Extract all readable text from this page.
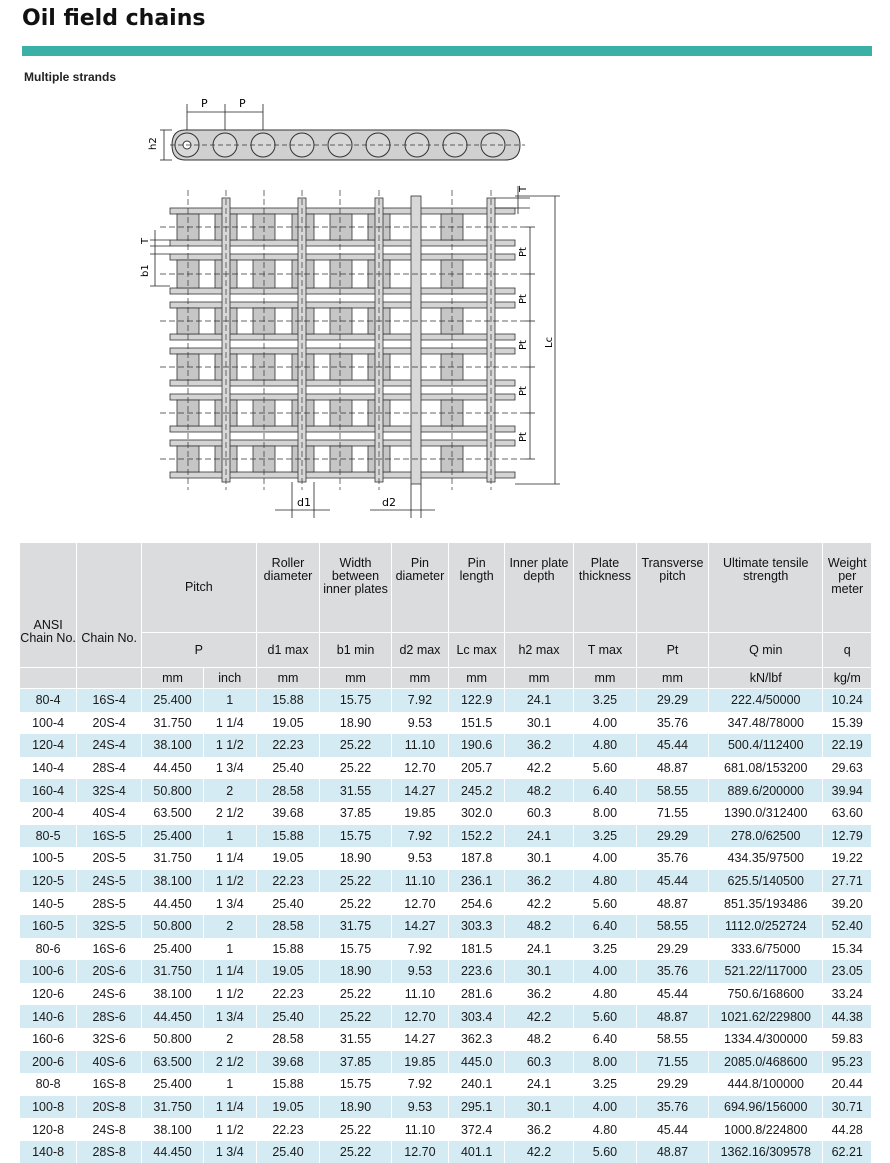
Oil field chains
Multiple strands
P	P
h2
T
Pt
Pt
Pt
Pt
Pt
Lc
T
b1
d1	d2
ANSI Chain No.	Chain No.	Pitch		Roller diameter	Width between inner plates	Pin diameter	Pin length	Inner plate depth	Plate thickness	Transverse pitch	Ultimate tensile strength	Weight per meter
		P		d1 max	b1 min	d2 max	Lc max	h2 max	T max	Pt	Q min	q
		mm	inch	mm	mm	mm	mm	mm	mm	mm	kN/lbf	kg/m
80-4	16S-4	25.400	1	15.88	15.75	7.92	122.9	24.1	3.25	29.29	222.4/50000	10.24
100-4	20S-4	31.750	1 1/4	19.05	18.90	9.53	151.5	30.1	4.00	35.76	347.48/78000	15.39
120-4	24S-4	38.100	1 1/2	22.23	25.22	11.10	190.6	36.2	4.80	45.44	500.4/112400	22.19
140-4	28S-4	44.450	1 3/4	25.40	25.22	12.70	205.7	42.2	5.60	48.87	681.08/153200	29.63
160-4	32S-4	50.800	2	28.58	31.55	14.27	245.2	48.2	6.40	58.55	889.6/200000	39.94
200-4	40S-4	63.500	2 1/2	39.68	37.85	19.85	302.0	60.3	8.00	71.55	1390.0/312400	63.60
80-5	16S-5	25.400	1	15.88	15.75	7.92	152.2	24.1	3.25	29.29	278.0/62500	12.79
100-5	20S-5	31.750	1 1/4	19.05	18.90	9.53	187.8	30.1	4.00	35.76	434.35/97500	19.22
120-5	24S-5	38.100	1 1/2	22.23	25.22	11.10	236.1	36.2	4.80	45.44	625.5/140500	27.71
140-5	28S-5	44.450	1 3/4	25.40	25.22	12.70	254.6	42.2	5.60	48.87	851.35/193486	39.20
160-5	32S-5	50.800	2	28.58	31.75	14.27	303.3	48.2	6.40	58.55	1112.0/252724	52.40
80-6	16S-6	25.400	1	15.88	15.75	7.92	181.5	24.1	3.25	29.29	333.6/75000	15.34
100-6	20S-6	31.750	1 1/4	19.05	18.90	9.53	223.6	30.1	4.00	35.76	521.22/117000	23.05
120-6	24S-6	38.100	1 1/2	22.23	25.22	11.10	281.6	36.2	4.80	45.44	750.6/168600	33.24
140-6	28S-6	44.450	1 3/4	25.40	25.22	12.70	303.4	42.2	5.60	48.87	1021.62/229800	44.38
160-6	32S-6	50.800	2	28.58	31.55	14.27	362.3	48.2	6.40	58.55	1334.4/300000	59.83
200-6	40S-6	63.500	2 1/2	39.68	37.85	19.85	445.0	60.3	8.00	71.55	2085.0/468600	95.23
80-8	16S-8	25.400	1	15.88	15.75	7.92	240.1	24.1	3.25	29.29	444.8/100000	20.44
100-8	20S-8	31.750	1 1/4	19.05	18.90	9.53	295.1	30.1	4.00	35.76	694.96/156000	30.71
120-8	24S-8	38.100	1 1/2	22.23	25.22	11.10	372.4	36.2	4.80	45.44	1000.8/224800	44.28
140-8	28S-8	44.450	1 3/4	25.40	25.22	12.70	401.1	42.2	5.60	48.87	1362.16/309578	62.21
